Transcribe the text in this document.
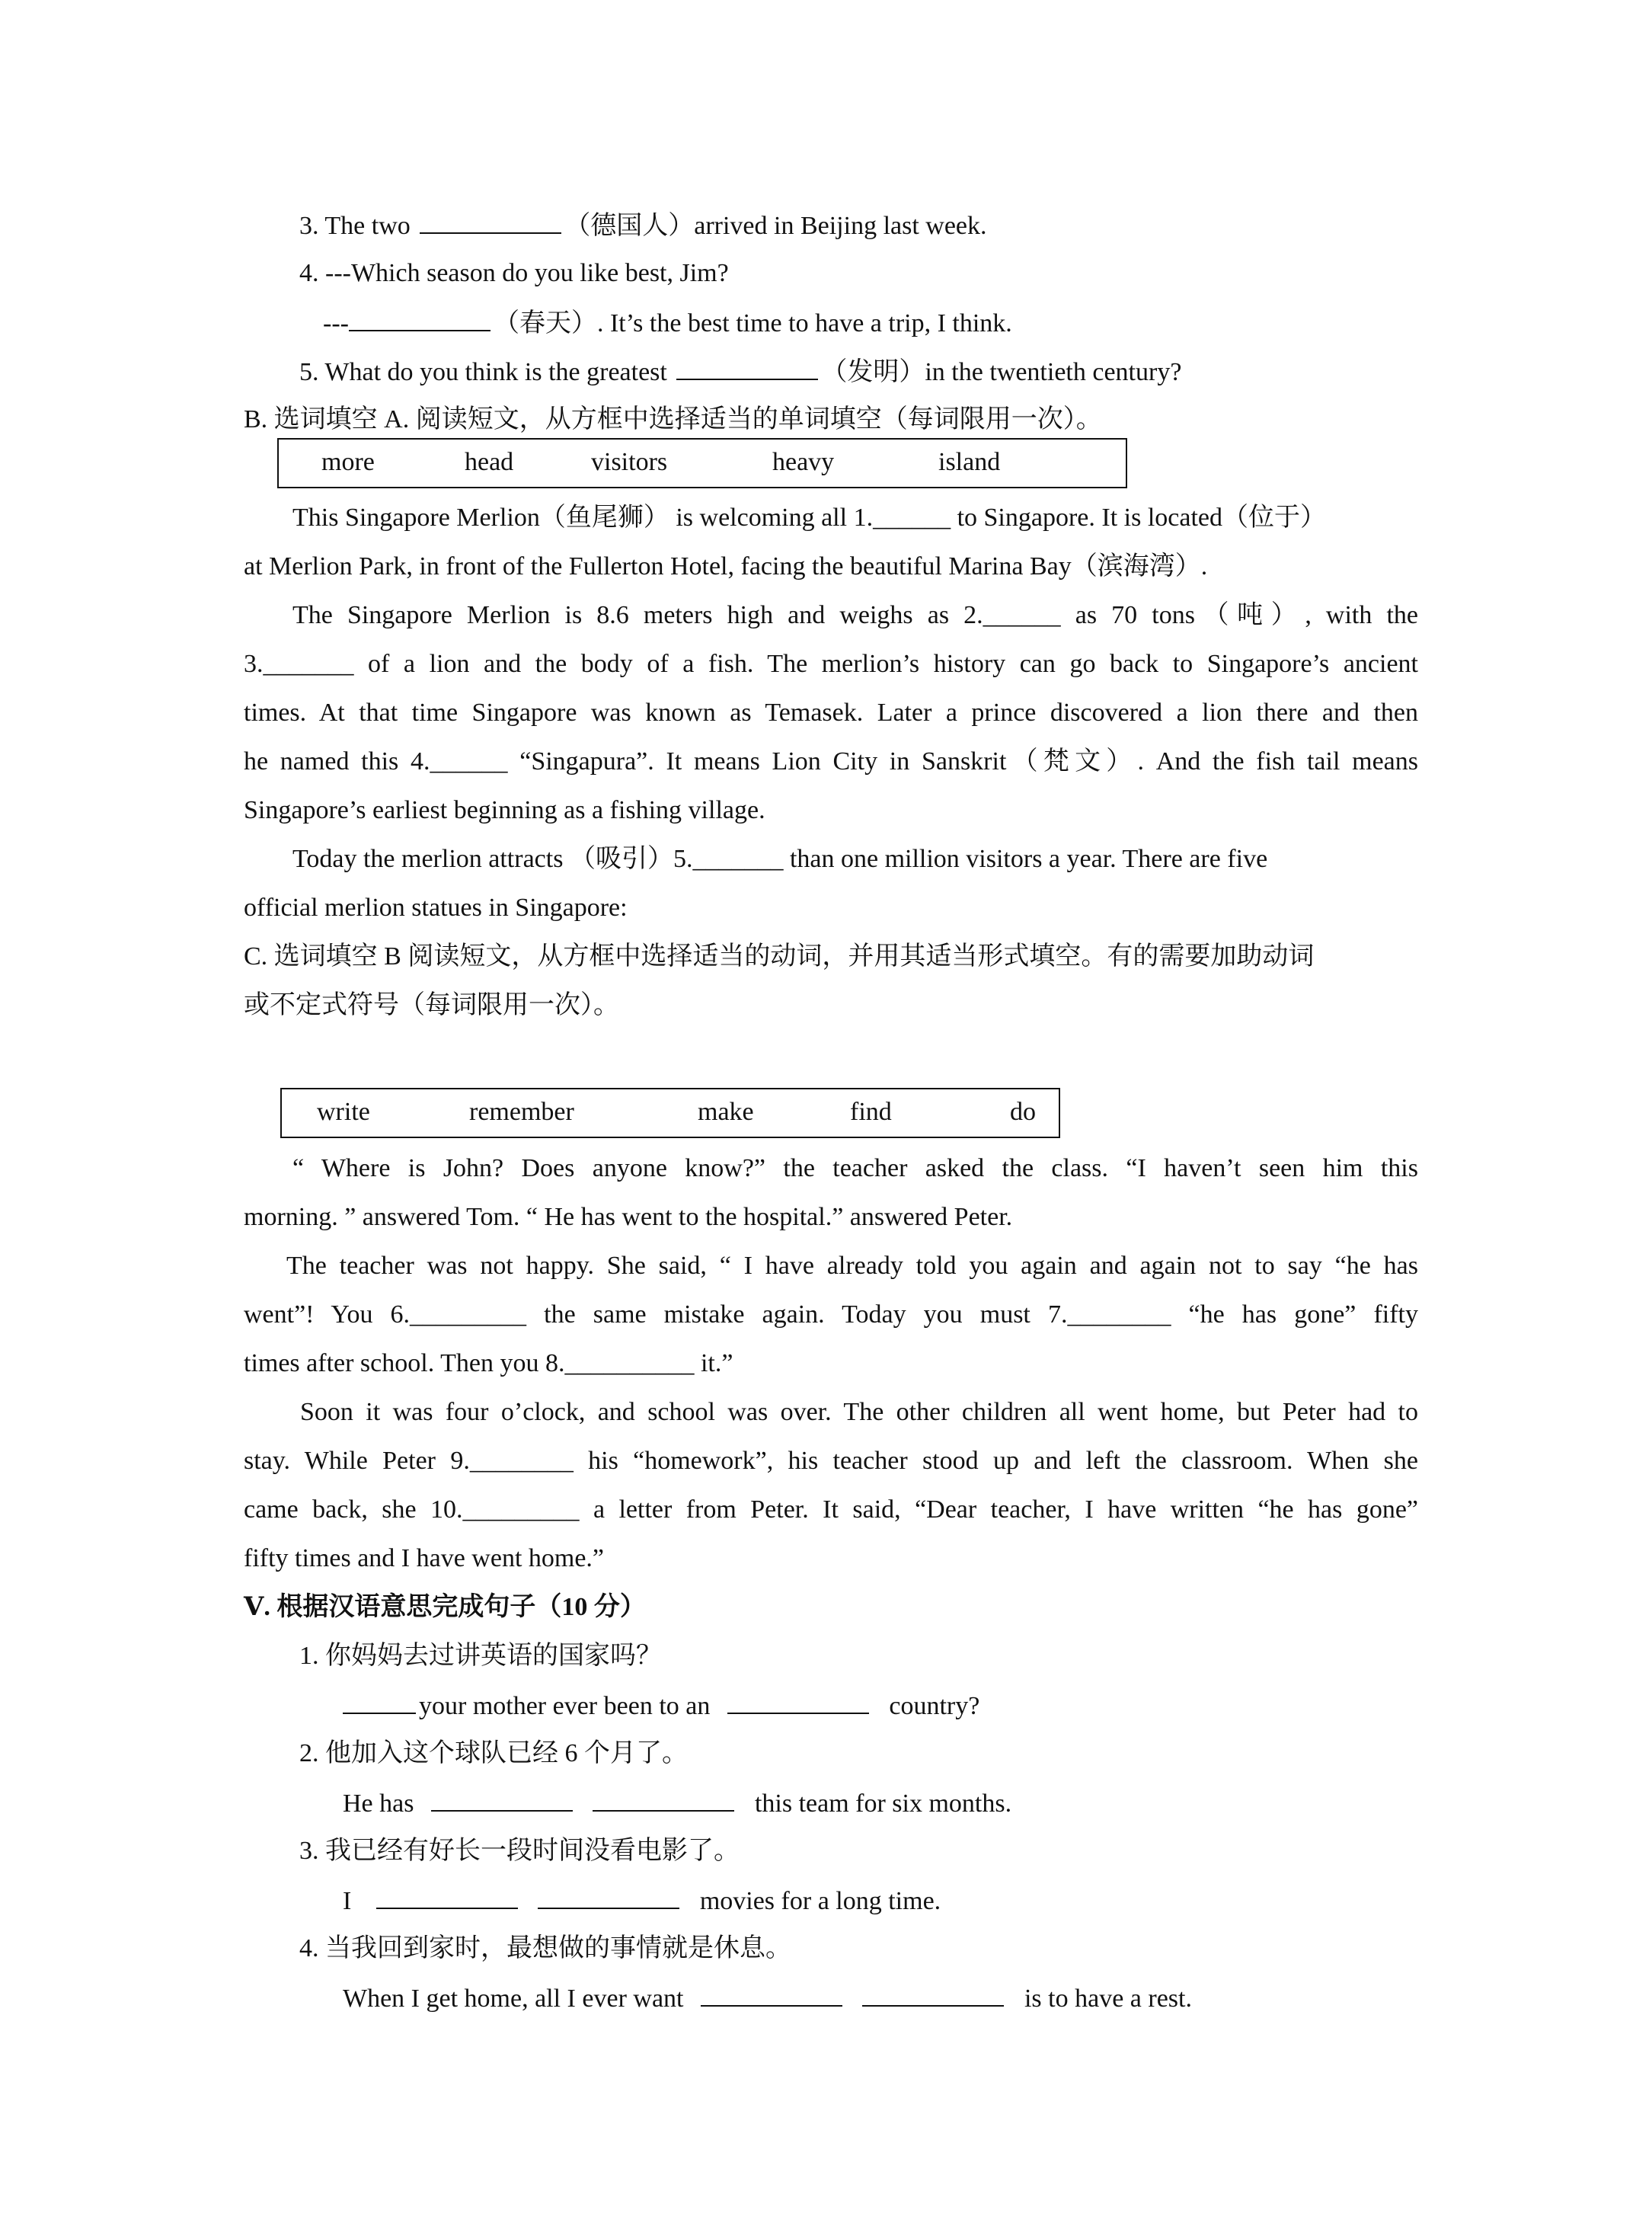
3. The two	（德国人）arrived in Beijing last week.
4. ---Which season do you like best, Jim?
---	（春天）. It’s the best time to have a trip, I think.
5. What do you think is the greatest	（发明）in the twentieth century?
B. 选词填空 A. 阅读短文，从方框中选择适当的单词填空（每词限用一次）。
more	head	visitors	heavy	island
This Singapore Merlion（鱼尾狮） is welcoming all 1.______ to Singapore. It is located（位于）
at Merlion Park, in front of the Fullerton Hotel, facing the beautiful Marina Bay（滨海湾）.
The Singapore Merlion is 8.6 meters high and weighs as 2.______ as 70 tons（吨）, with the
3._______ of a lion and the body of a fish. The merlion’s history can go back to Singapore’s ancient
times. At that time Singapore was known as Temasek. Later a prince discovered a lion there and then
he named this 4.______ “Singapura”. It means Lion City in Sanskrit（梵文）. And the fish tail means
Singapore’s earliest beginning as a fishing village.
Today the merlion attracts （吸引）5._______ than one million visitors a year. There are five
official merlion statues in Singapore:
C. 选词填空 B 阅读短文，从方框中选择适当的动词，并用其适当形式填空。有的需要加助动词
或不定式符号（每词限用一次）。
write	remember	make	find	do
“ Where is John? Does anyone know?” the teacher asked the class. “I haven’t seen him this
morning. ” answered Tom. “ He has went to the hospital.” answered Peter.
The teacher was not happy. She said, “ I have already told you again and again not to say “he has
went”! You 6._________ the same mistake again. Today you must 7.________ “he has gone” fifty
times after school. Then you 8.__________ it.”
Soon it was four o’clock, and school was over. The other children all went home, but Peter had to
stay. While Peter 9.________ his “homework”, his teacher stood up and left the classroom. When she
came back, she 10._________ a letter from Peter. It said, “Dear teacher, I have written “he has gone”
fifty times and I have went home.”
Ⅴ. 根据汉语意思完成句子（10 分）
1. 你妈妈去过讲英语的国家吗？
your mother ever been to an	country?
2. 他加入这个球队已经 6 个月了。
He has	this team for six months.
3. 我已经有好长一段时间没看电影了。
I	movies for a long time.
4. 当我回到家时，最想做的事情就是休息。
When I get home, all I ever want	is to have a rest.
